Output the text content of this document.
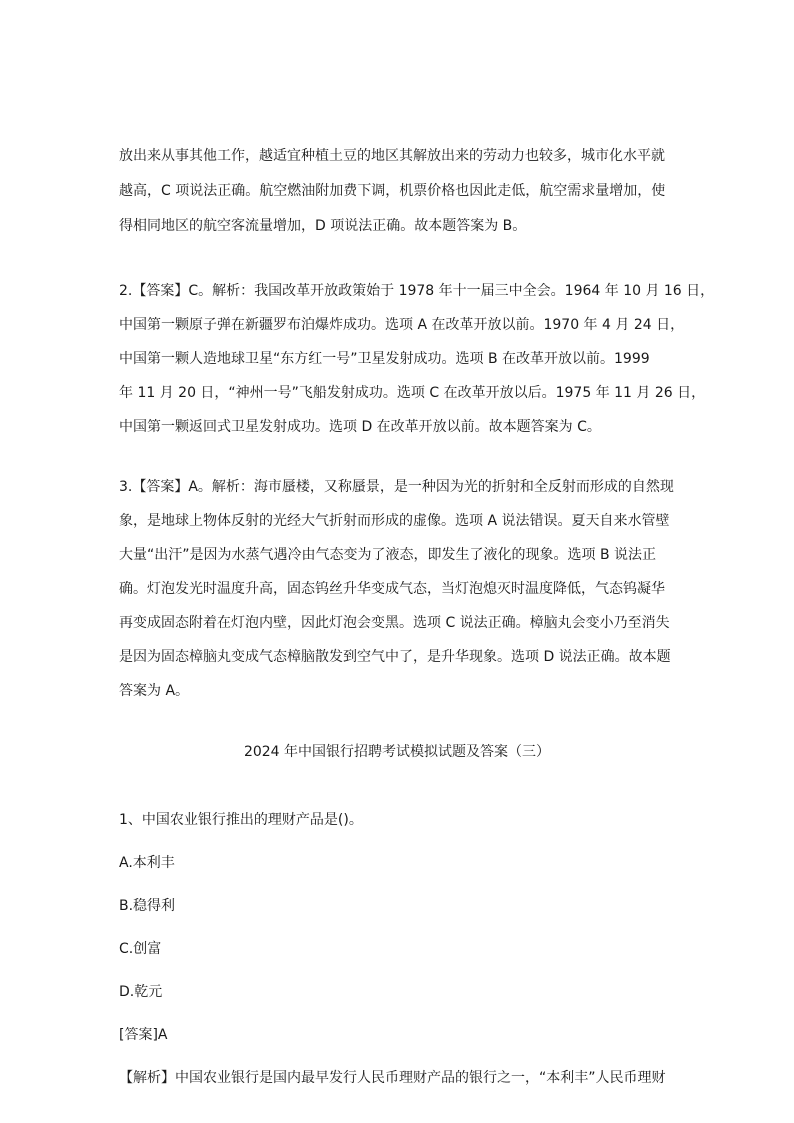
放出来从事其他工作，越适宜种植土豆的地区其解放出来的劳动力也较多，城市化水平就
越高，C 项说法正确。航空燃油附加费下调，机票价格也因此走低，航空需求量增加，使
得相同地区的航空客流量增加，D 项说法正确。故本题答案为 B。
2.【答案】C。解析：我国改革开放政策始于 1978 年十一届三中全会。1964 年 10 月 16 日，
中国第一颗原子弹在新疆罗布泊爆炸成功。选项 A 在改革开放以前。1970 年 4 月 24 日，
中国第一颗人造地球卫星“东方红一号”卫星发射成功。选项 B 在改革开放以前。1999
年 11 月 20 日，“神州一号”飞船发射成功。选项 C 在改革开放以后。1975 年 11 月 26 日，
中国第一颗返回式卫星发射成功。选项 D 在改革开放以前。故本题答案为 C。
3.【答案】A。解析：海市蜃楼，又称蜃景，是一种因为光的折射和全反射而形成的自然现
象，是地球上物体反射的光经大气折射而形成的虚像。选项 A 说法错误。夏天自来水管壁
大量“出汗”是因为水蒸气遇冷由气态变为了液态，即发生了液化的现象。选项 B 说法正
确。灯泡发光时温度升高，固态钨丝升华变成气态，当灯泡熄灭时温度降低，气态钨凝华
再变成固态附着在灯泡内壁，因此灯泡会变黑。选项 C 说法正确。樟脑丸会变小乃至消失
是因为固态樟脑丸变成气态樟脑散发到空气中了，是升华现象。选项 D 说法正确。故本题
答案为 A。
2024 年中国银行招聘考试模拟试题及答案（三）
1、中国农业银行推出的理财产品是()。
A.本利丰
B.稳得利
C.创富
D.乾元
[答案]A
【解析】中国农业银行是国内最早发行人民币理财产品的银行之一，“本利丰”人民币理财
